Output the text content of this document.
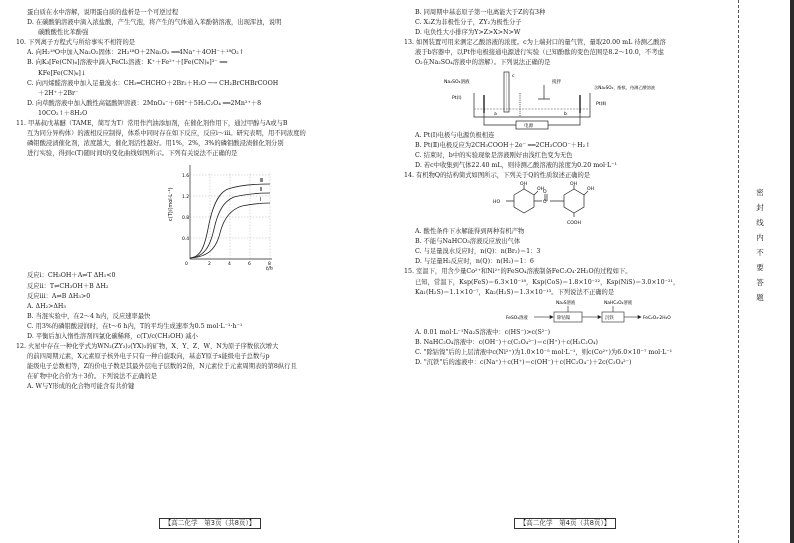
蛋白质在水中溶解，说明蛋白质的盐析是一个可逆过程

D. 在碳酸钠溶液中滴入浓盐酸，产生气泡，将产生的气体通入苯酚钠溶液，出现浑浊，说明

碳酸酸性比苯酚强

10. 下列离子方程式与所给事实不相符的是

A. 向H₂¹⁸O中加入Na₂O₂固体：2H₂¹⁸O＋2Na₂O₂ ══4Na⁺＋4OH⁻＋¹⁸O₂↑

B. 向K₃[Fe(CN)₆]溶液中滴入FeCl₂溶液：K⁺＋Fe²⁺＋[Fe(CN)₆]³⁻ ══

KFe[Fe(CN)₆]↓

C. 向丙烯醛溶液中加入足量溴水：CH₂═CHCHO＋2Br₂＋H₂O ─→ CH₂BrCHBrCOOH

＋2H⁺＋2Br⁻

D. 向草酸溶液中加入酸性高锰酸钾溶液：2MnO₄⁻＋6H⁺＋5H₂C₂O₄ ══2Mn²⁺＋8

10CO₂↑＋8H₂O

11. 甲基叔戊基醚（TAME，简写为T）常用作汽油添加剂，在催化剂作用下，通过甲醇与A或与B

互为同分异构体）的液相反应制得，体系中同时存在如下反应，反应ⅰ～ⅲ。研究表明，用不同浓度的

磷钼酸浸渍催化剂，浓度越大，催化剂活性越好。用1%，2%，3%的磷钼酸浸渍催化剂分别

进行实验，得到c(T)随时间t的变化曲线如图所示。下列有关说法不正确的是

c(T)/(mol·L⁻¹)
1.6
1.2
0.8
0.4
0	2	4	6	8
t/h
Ⅲ
Ⅱ
Ⅰ

反应ⅰ：CH₃OH＋A⇌T ΔH₁<0

反应ⅱ：T⇌CH₃OH＋B ΔH₂

反应ⅲ：A⇌B ΔH₃>0

A. ΔH₂>ΔH₃

B. 当混实验中，在2～4 h内，反应速率最快

C. 用3%的磷钼酸浸润时，在t～6 h内，T的平均生成速率为0.5 mol·L⁻¹·h⁻¹

D. 平衡后加入惰性溶剂四氯化碳稀释，c(T)/c(CH₃OH) 减小

12. 火星中存在一种化学式为WN₂(ZY₃)₂(YX)₂的矿物，X、Y、Z、W、N为原子序数依次增大

的前四周期元素，X元素原子核外电子只有一种自旋取向，基态Y原子s能级电子总数与p

能级电子总数相等，Z的价电子数是其最外层电子层数的2倍，N元素位于元素周期表的第8纵行且

在矿物中化合价为＋3价。下列说法不正确的是

A. W与Y形成的化合物可能含有共价键

B. 同周期中基态原子第一电离能大于Z的有3种

C. X₂Z为非极性分子，ZY₂为极性分子

D. 电负性大小排序为Y>Z>X>N>W

13. 如图装置可用来测定乙酸溶液的浓度。c为上端封口的量气管，量取20.00 mL 待测乙酸溶

液于b容器中，以Pt作电极接通电源进行实验（已知酚酞的变色范围是8.2～10.0，不考虑

O₂在Na₂SO₄溶液中的溶解）。下列说法正确的是

Na₂SO₄溶液	搅拌
含Na₂SO₄、酚酞、待测乙酸溶液
Pt(Ⅰ)
Pt(Ⅱ)
a	b
c
电源

A. Pt(Ⅰ)电极与电源负极相连

B. Pt(Ⅱ)电极反应为2CH₃COOH＋2e⁻ ══2CH₃COO⁻＋H₂↑

C. 结束时，b中的实验现象是溶液刚好由浅红色变为无色

D. 若c中收集到气体22.40 mL，则待测乙酸溶液的浓度为0.20 mol·L⁻¹

14. 有机物Q的结构简式如图所示，下列关于Q的性质叙述正确的是

HO
OH
OH
OH
OH
O
O
COOH

A. 酸性条件下水解能得到两种有机产物

B. 不能与NaHCO₃溶液反应放出气体

C. 与足量溴水反应时，n(Q)：n(Br₂)＝1：3

D. 与足量H₂反应时，n(Q)：n(H₂)＝1：6

15. 室温下，用含少量Co²⁺和Ni²⁺的FeSO₄溶液制备FeC₂O₄·2H₂O的过程如下。

已知，常温下，Ksp(FeS)＝6.3×10⁻¹⁸，Ksp(CoS)＝1.8×10⁻²²，Ksp(NiS)＝3.0×10⁻²¹，

Ka₁(H₂S)＝1.1×10⁻⁷，Ka₂(H₂S)＝1.3×10⁻¹³。下列说法不正确的是

Na₂S溶液	NaHC₂O₄溶液
FeSO₄溶液	除钴镍	沉铁	FeC₂O₄·2H₂O

A. 0.01 mol·L⁻¹Na₂S溶液中：c(HS⁻)>c(S²⁻)

B. NaHC₂O₄溶液中：c(OH⁻)＋c(C₂O₄²⁻)＝c(H⁺)＋c(H₂C₂O₄)

C. "除钴镍"后的上层清液中c(Ni²⁺)为1.0×10⁻⁵ mol·L⁻¹，则c(Co²⁺)为6.0×10⁻⁷ mol·L⁻¹

D. "沉铁"后的滤液中：c(Na⁺)＋c(H⁺)＝c(OH⁻)＋c(HC₂O₄⁻)＋2c(C₂O₄²⁻)

【高二化学　第3页（共8页）】	【高二化学　第4页（共8页）】
密
封
线
内
不
要
答
题
